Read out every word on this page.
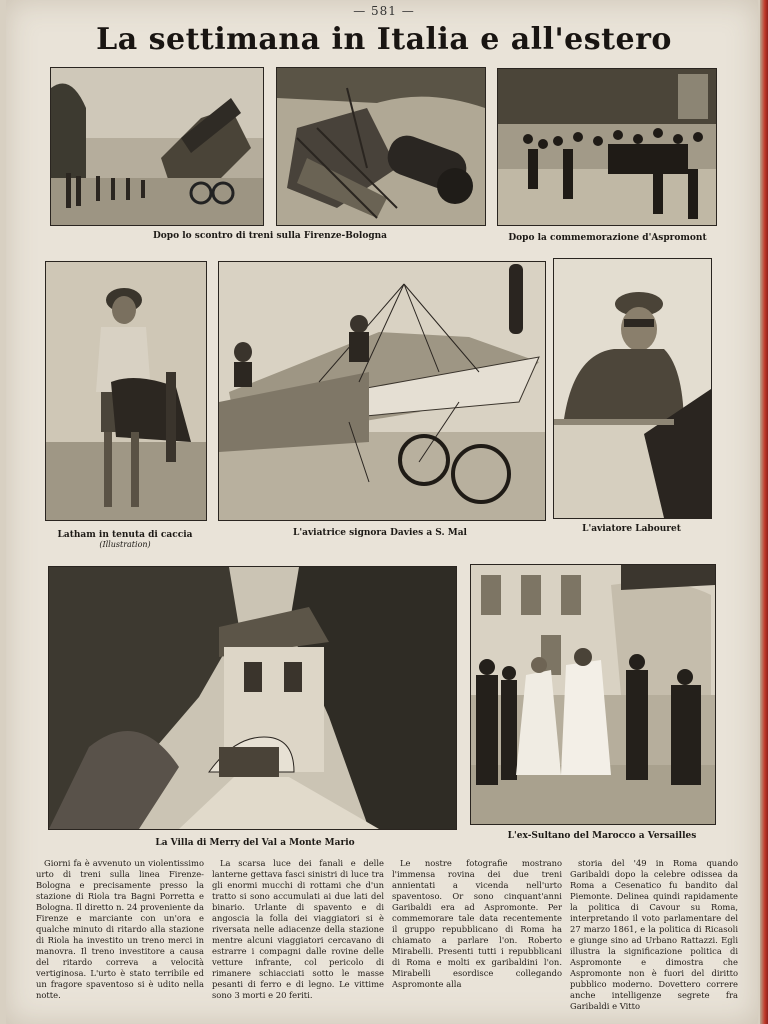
— 581 —
La settimana in Italia e all'estero
Dopo lo scontro di treni sulla Firenze-Bologna	Dopo la commemorazione d'Aspromont
Latham in tenuta di caccia
(Illustration)
L'aviatrice signora Davies a S. Mal	L'aviatore Labouret
La Villa di Merry del Val a Monte Mario
L'ex-Sultano del Marocco a Versailles

Giorni fa è avvenuto un violentissimo urto di treni sulla linea Firenze-Bologna e precisamente presso la stazione di Riola tra Bagni Porretta e Bologna. Il diretto n. 24 proveniente da Firenze e marciante con un'ora e qualche minuto di ritardo alla stazione di Riola ha investito un treno merci in manovra. Il treno investitore a causa del ritardo correva a velocità vertiginosa. L'urto è stato terribile ed un fragore spaventoso si è udito nella notte.

La scarsa luce dei fanali e delle lanterne gettava fasci sinistri di luce tra gli enormi mucchi di rottami che d'un tratto si sono accumulati ai due lati del binario. Urlante di spavento e di angoscia la folla dei viaggiatori si è riversata nelle adiacenze della stazione mentre alcuni viaggiatori cercavano di estrarre i compagni dalle rovine delle vetture infrante, col pericolo di rimanere schiacciati sotto le masse pesanti di ferro e di legno. Le vittime sono 3 morti e 20 feriti.

Le nostre fotografie mostrano l'immensa rovina dei due treni annientati a vicenda nell'urto spaventoso. Or sono cinquant'anni Garibaldi era ad Aspromonte. Per commemorare tale data recentemente il gruppo repubblicano di Roma ha chiamato a parlare l'on. Roberto Mirabelli. Presenti tutti i repubblicani di Roma e molti ex garibaldini l'on. Mirabelli esordisce collegando Aspromonte alla

storia del '49 in Roma quando Garibaldi dopo la celebre odissea da Roma a Cesenatico fu bandito dal Piemonte. Delinea quindi rapidamente la politica di Cavour su Roma, interpretando il voto parlamentare del 27 marzo 1861, e la politica di Ricasoli e giunge sino ad Urbano Rattazzi. Egli illustra la significazione politica di Aspromonte e dimostra che Aspromonte non è fuori del diritto pubblico moderno. Dovettero correre anche intelligenze segrete fra Garibaldi e Vitto
